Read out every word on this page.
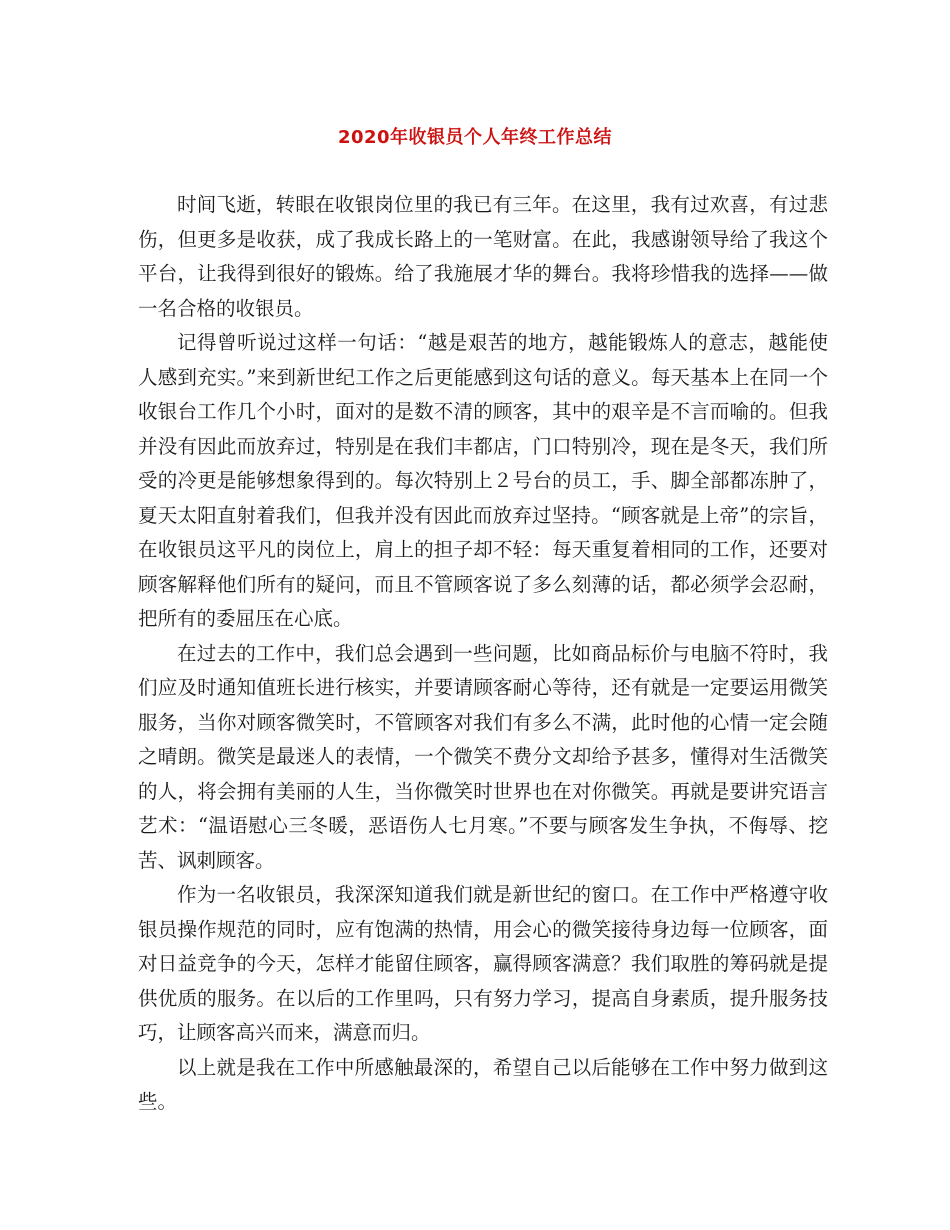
2020年收银员个人年终工作总结

时间飞逝，转眼在收银岗位里的我已有三年。在这里，我有过欢喜，有过悲伤，但更多是收获，成了我成长路上的一笔财富。在此，我感谢领导给了我这个平台，让我得到很好的锻炼。给了我施展才华的舞台。我将珍惜我的选择——做一名合格的收银员。

记得曾听说过这样一句话：“越是艰苦的地方，越能锻炼人的意志，越能使人感到充实。”来到新世纪工作之后更能感到这句话的意义。每天基本上在同一个收银台工作几个小时，面对的是数不清的顾客，其中的艰辛是不言而喻的。但我并没有因此而放弃过，特别是在我们丰都店，门口特别冷，现在是冬天，我们所受的冷更是能够想象得到的。每次特别上２号台的员工，手、脚全部都冻肿了，夏天太阳直射着我们，但我并没有因此而放弃过坚持。“顾客就是上帝”的宗旨，在收银员这平凡的岗位上，肩上的担子却不轻：每天重复着相同的工作，还要对顾客解释他们所有的疑问，而且不管顾客说了多么刻薄的话，都必须学会忍耐，把所有的委屈压在心底。

在过去的工作中，我们总会遇到一些问题，比如商品标价与电脑不符时，我们应及时通知值班长进行核实，并要请顾客耐心等待，还有就是一定要运用微笑服务，当你对顾客微笑时，不管顾客对我们有多么不满，此时他的心情一定会随之晴朗。微笑是最迷人的表情，一个微笑不费分文却给予甚多，懂得对生活微笑的人，将会拥有美丽的人生，当你微笑时世界也在对你微笑。再就是要讲究语言艺术：“温语慰心三冬暖，恶语伤人七月寒。”不要与顾客发生争执，不侮辱、挖苦、讽刺顾客。

作为一名收银员，我深深知道我们就是新世纪的窗口。在工作中严格遵守收银员操作规范的同时，应有饱满的热情，用会心的微笑接待身边每一位顾客，面对日益竞争的今天，怎样才能留住顾客，赢得顾客满意？我们取胜的筹码就是提供优质的服务。在以后的工作里吗，只有努力学习，提高自身素质，提升服务技巧，让顾客高兴而来，满意而归。

以上就是我在工作中所感触最深的，希望自己以后能够在工作中努力做到这些。
